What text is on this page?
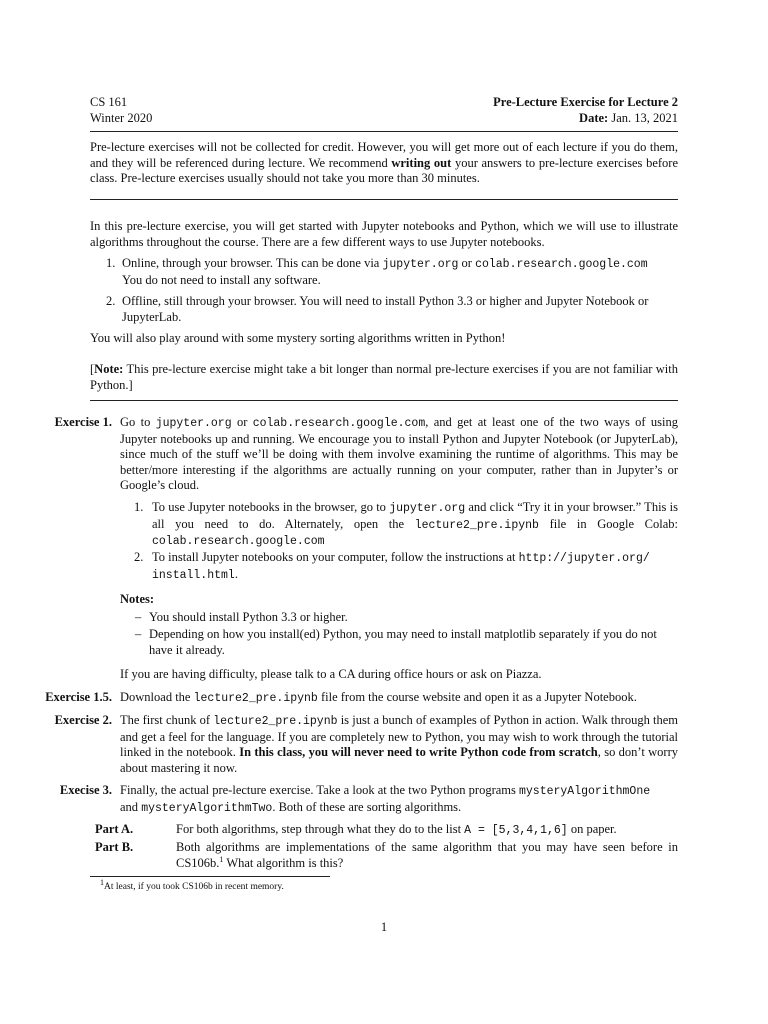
CS 161
Winter 2020
Pre-Lecture Exercise for Lecture 2
Date: Jan. 13, 2021
Pre-lecture exercises will not be collected for credit. However, you will get more out of each lecture if you do them, and they will be referenced during lecture. We recommend writing out your answers to pre-lecture exercises before class. Pre-lecture exercises usually should not take you more than 30 minutes.
In this pre-lecture exercise, you will get started with Jupyter notebooks and Python, which we will use to illustrate algorithms throughout the course. There are a few different ways to use Jupyter notebooks.
1. Online, through your browser. This can be done via jupyter.org or colab.research.google.com
You do not need to install any software.
2. Offline, still through your browser. You will need to install Python 3.3 or higher and Jupyter Notebook or JupyterLab.
You will also play around with some mystery sorting algorithms written in Python!
[Note: This pre-lecture exercise might take a bit longer than normal pre-lecture exercises if you are not familiar with Python.]
Exercise 1. Go to jupyter.org or colab.research.google.com, and get at least one of the two ways of using Jupyter notebooks up and running. We encourage you to install Python and Jupyter Notebook (or JupyterLab), since much of the stuff we’ll be doing with them involve examining the runtime of algorithms. This may be better/more interesting if the algorithms are actually running on your computer, rather than in Jupyter’s or Google’s cloud.
1. To use Jupyter notebooks in the browser, go to jupyter.org and click “Try it in your browser.” This is all you need to do. Alternately, open the lecture2_pre.ipynb file in Google Colab: colab.research.google.com
2. To install Jupyter notebooks on your computer, follow the instructions at http://jupyter.org/
install.html.
Notes:
– You should install Python 3.3 or higher.
– Depending on how you install(ed) Python, you may need to install matplotlib separately if you do not have it already.
If you are having difficulty, please talk to a CA during office hours or ask on Piazza.
Exercise 1.5. Download the lecture2_pre.ipynb file from the course website and open it as a Jupyter Notebook.
Exercise 2. The first chunk of lecture2_pre.ipynb is just a bunch of examples of Python in action. Walk through them and get a feel for the language. If you are completely new to Python, you may wish to work through the tutorial linked in the notebook. In this class, you will never need to write Python code from scratch, so don’t worry about mastering it now.
Execise 3. Finally, the actual pre-lecture exercise. Take a look at the two Python programs mysteryAlgorithmOne
and mysteryAlgorithmTwo. Both of these are sorting algorithms.
Part A.	For both algorithms, step through what they do to the list A = [5,3,4,1,6] on paper.
Part B.	Both algorithms are implementations of the same algorithm that you may have seen before in CS106b.$^1$ What algorithm is this?
$^1$At least, if you took CS106b in recent memory.
1
